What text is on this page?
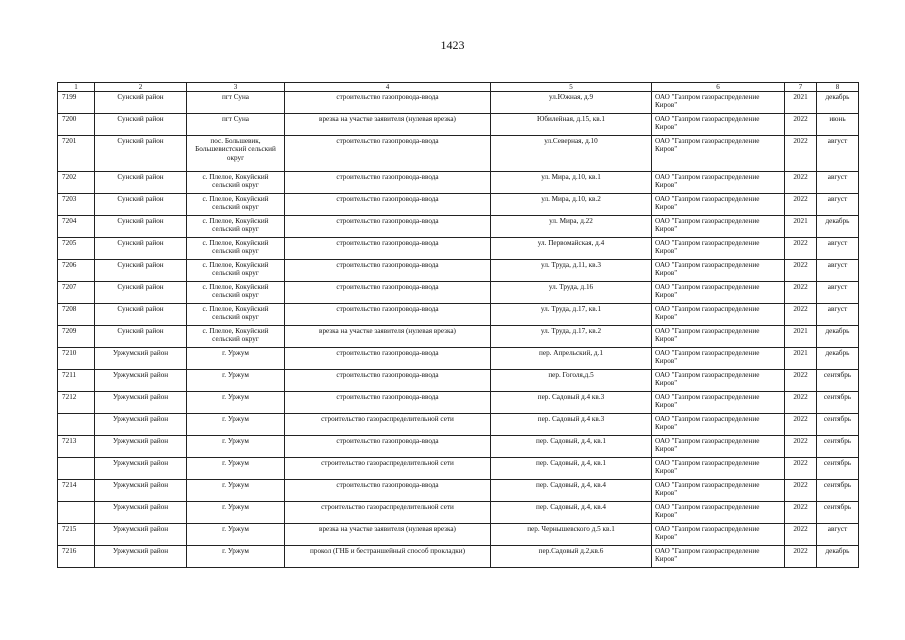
1423
1	2	3	4	5	6	7	8
7199	Сунский район	пгт Суна	строительство газопровода-ввода	ул.Южная, д.9	ОАО "Газпром газораспределение Киров"	2021	декабрь
7200	Сунский район	пгт Суна	врезка на участке заявителя (нулевая врезка)	Юбилейная, д.15, кв.1	ОАО "Газпром газораспределение Киров"	2022	июнь
7201	Сунский район	пос. Большевик, Большевистский сельский округ	строительство газопровода-ввода	ул.Северная, д.10	ОАО "Газпром газораспределение Киров"	2022	август
7202	Сунский район	с. Плелое, Кокуйский сельский округ	строительство газопровода-ввода	ул. Мира, д.10, кв.1	ОАО "Газпром газораспределение Киров"	2022	август
7203	Сунский район	с. Плелое, Кокуйский сельский округ	строительство газопровода-ввода	ул. Мира, д.10, кв.2	ОАО "Газпром газораспределение Киров"	2022	август
7204	Сунский район	с. Плелое, Кокуйский сельский округ	строительство газопровода-ввода	ул. Мира, д.22	ОАО "Газпром газораспределение Киров"	2021	декабрь
7205	Сунский район	с. Плелое, Кокуйский сельский округ	строительство газопровода-ввода	ул. Первомайская, д.4	ОАО "Газпром газораспределение Киров"	2022	август
7206	Сунский район	с. Плелое, Кокуйский сельский округ	строительство газопровода-ввода	ул. Труда, д.11, кв.3	ОАО "Газпром газораспределение Киров"	2022	август
7207	Сунский район	с. Плелое, Кокуйский сельский округ	строительство газопровода-ввода	ул. Труда, д.16	ОАО "Газпром газораспределение Киров"	2022	август
7208	Сунский район	с. Плелое, Кокуйский сельский округ	строительство газопровода-ввода	ул. Труда, д.17, кв.1	ОАО "Газпром газораспределение Киров"	2022	август
7209	Сунский район	с. Плелое, Кокуйский сельский округ	врезка на участке заявителя (нулевая врезка)	ул. Труда, д.17, кв.2	ОАО "Газпром газораспределение Киров"	2021	декабрь
7210	Уржумский район	г. Уржум	строительство газопровода-ввода	пер. Апрельский, д.1	ОАО "Газпром газораспределение Киров"	2021	декабрь
7211	Уржумский район	г. Уржум	строительство газопровода-ввода	пер. Гоголя,д.5	ОАО "Газпром газораспределение Киров"	2022	сентябрь
7212	Уржумский район	г. Уржум	строительство газопровода-ввода	пер. Садовый д.4 кв.3	ОАО "Газпром газораспределение Киров"	2022	сентябрь
	Уржумский район	г. Уржум	строительство газораспределительной сети	пер. Садовый д.4 кв.3	ОАО "Газпром газораспределение Киров"	2022	сентябрь
7213	Уржумский район	г. Уржум	строительство газопровода-ввода	пер. Садовый, д.4, кв.1	ОАО "Газпром газораспределение Киров"	2022	сентябрь
	Уржумский район	г. Уржум	строительство газораспределительной сети	пер. Садовый, д.4, кв.1	ОАО "Газпром газораспределение Киров"	2022	сентябрь
7214	Уржумский район	г. Уржум	строительство газопровода-ввода	пер. Садовый, д.4, кв.4	ОАО "Газпром газораспределение Киров"	2022	сентябрь
	Уржумский район	г. Уржум	строительство газораспределительной сети	пер. Садовый, д.4, кв.4	ОАО "Газпром газораспределение Киров"	2022	сентябрь
7215	Уржумский район	г. Уржум	врезка на участке заявителя (нулевая врезка)	пер. Чернышевского д.5 кв.1	ОАО "Газпром газораспределение Киров"	2022	август
7216	Уржумский район	г. Уржум	прокол (ГНБ и бестраншейный способ прокладки)	пер.Садовый д.2,кв.6	ОАО "Газпром газораспределение Киров"	2022	декабрь
